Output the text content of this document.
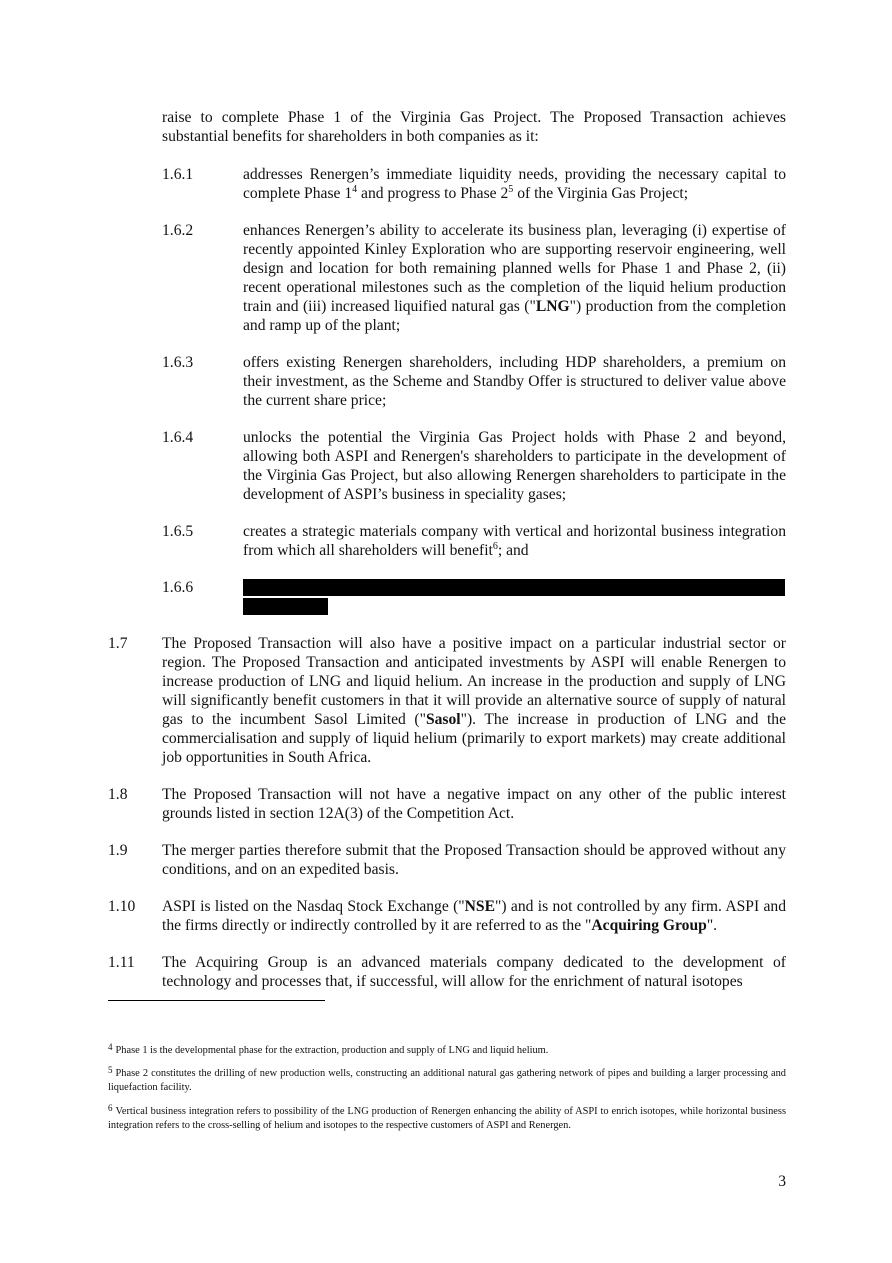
raise to complete Phase 1 of the Virginia Gas Project. The Proposed Transaction achieves substantial benefits for shareholders in both companies as it:
1.6.1	addresses Renergen’s immediate liquidity needs, providing the necessary capital to complete Phase $1^4$ and progress to Phase $2^5$ of the Virginia Gas Project;
1.6.2	enhances Renergen’s ability to accelerate its business plan, leveraging (i) expertise of recently appointed Kinley Exploration who are supporting reservoir engineering, well design and location for both remaining planned wells for Phase 1 and Phase 2, (ii) recent operational milestones such as the completion of the liquid helium production train and (iii) increased liquified natural gas ("LNG") production from the completion and ramp up of the plant;
1.6.3	offers existing Renergen shareholders, including HDP shareholders, a premium on their investment, as the Scheme and Standby Offer is structured to deliver value above the current share price;
1.6.4	unlocks the potential the Virginia Gas Project holds with Phase 2 and beyond, allowing both ASPI and Renergen's shareholders to participate in the development of the Virginia Gas Project, but also allowing Renergen shareholders to participate in the development of ASPI’s business in speciality gases;
1.6.5	creates a strategic materials company with vertical and horizontal business integration from which all shareholders will benefit$^6$; and
1.6.6
1.7 The Proposed Transaction will also have a positive impact on a particular industrial sector or region. The Proposed Transaction and anticipated investments by ASPI will enable Renergen to increase production of LNG and liquid helium. An increase in the production and supply of LNG will significantly benefit customers in that it will provide an alternative source of supply of natural gas to the incumbent Sasol Limited ("Sasol"). The increase in production of LNG and the commercialisation and supply of liquid helium (primarily to export markets) may create additional job opportunities in South Africa.
1.8 The Proposed Transaction will not have a negative impact on any other of the public interest grounds listed in section 12A(3) of the Competition Act.
1.9 The merger parties therefore submit that the Proposed Transaction should be approved without any conditions, and on an expedited basis.
1.10 ASPI is listed on the Nasdaq Stock Exchange ("NSE") and is not controlled by any firm. ASPI and the firms directly or indirectly controlled by it are referred to as the "Acquiring Group".
1.11 The Acquiring Group is an advanced materials company dedicated to the development of technology and processes that, if successful, will allow for the enrichment of natural isotopes
4 Phase 1 is the developmental phase for the extraction, production and supply of LNG and liquid helium.
5 Phase 2 constitutes the drilling of new production wells, constructing an additional natural gas gathering network of pipes and building a larger processing and liquefaction facility.
6 Vertical business integration refers to possibility of the LNG production of Renergen enhancing the ability of ASPI to enrich isotopes, while horizontal business integration refers to the cross-selling of helium and isotopes to the respective customers of ASPI and Renergen.
3
